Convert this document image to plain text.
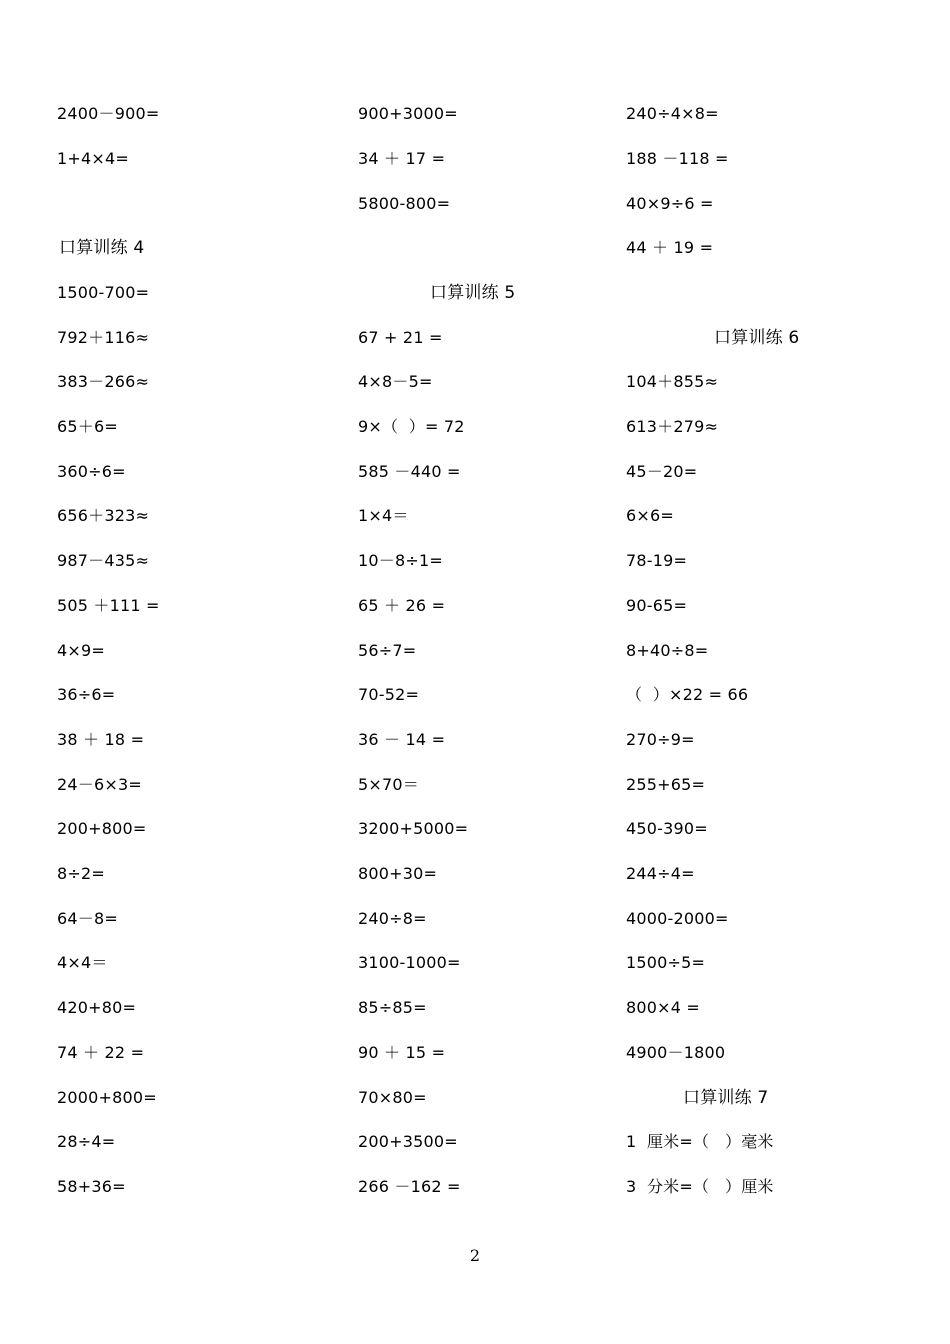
2400－900=
1+4×4=
口算训练 4
1500-700=
792＋116≈
383－266≈
65＋6=
360÷6=
656＋323≈
987－435≈
505 ＋111 =
4×9=
36÷6=
38 ＋ 18 =
24－6×3=
200+800=
8÷2=
64－8=
4×4＝
420+80=
74 ＋ 22 =
2000+800=
28÷4=
58+36=
900+3000=
34 ＋ 17 =
5800-800=
口算训练 5
67 + 21 =
4×8－5=
9×（  ）= 72
585 －440 =
1×4＝
10－8÷1=
65 ＋ 26 =
56÷7=
70-52=
36 － 14 =
5×70＝
3200+5000=
800+30=
240÷8=
3100-1000=
85÷85=
90 ＋ 15 =
70×80=
200+3500=
266 －162 =
240÷4×8=
188 －118 =
40×9÷6 =
44 ＋ 19 =
口算训练 6
104＋855≈
613＋279≈
45－20=
6×6=
78-19=
90-65=
8+40÷8=
（  ）×22 = 66
270÷9=
255+65=
450-390=
244÷4=
4000-2000=
1500÷5=
800×4 =
4900－1800
口算训练 7
1  厘米=（   ）毫米
3  分米=（   ）厘米
2
